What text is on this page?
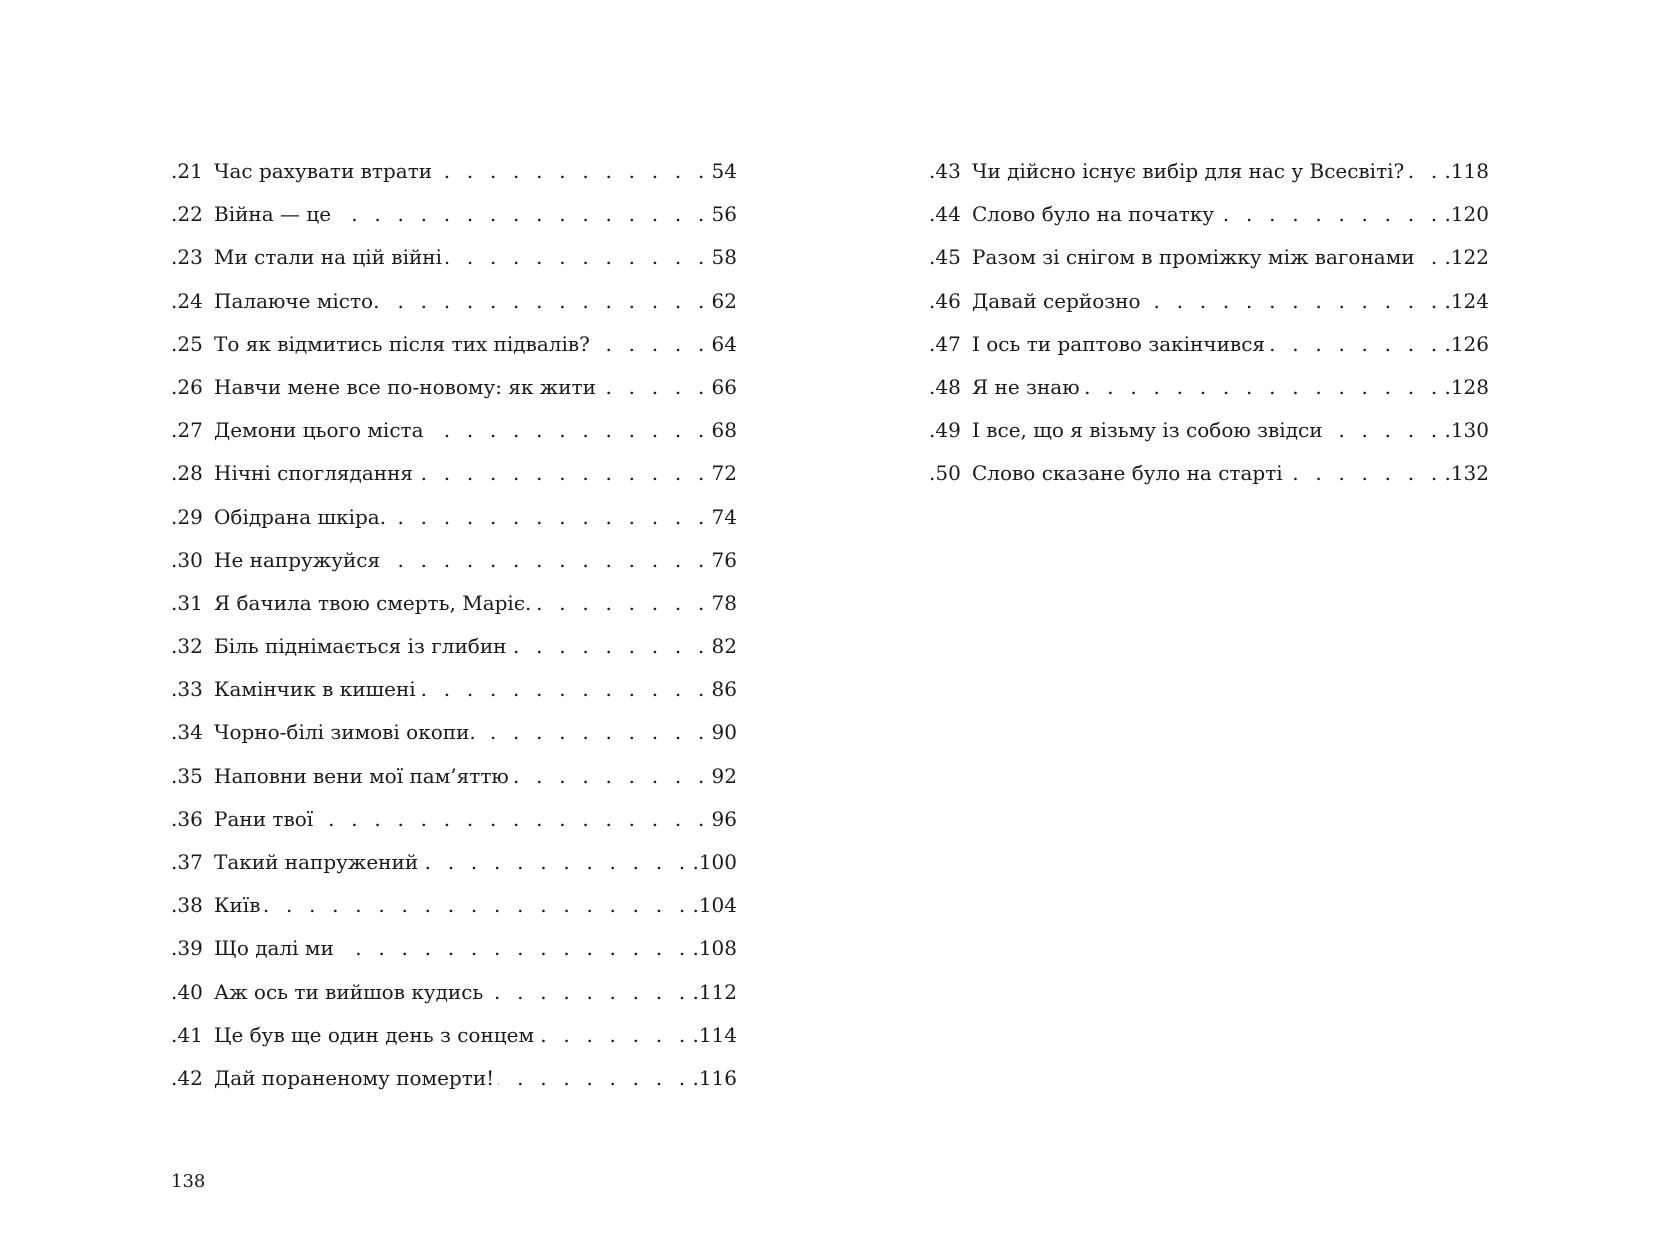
.21 Час рахувати втрати . . .	54
.22 Війна — це . . .	56
.23 Ми стали на цій війні . . .	58
.24 Палаюче місто. . . .	62
.25 То як відмитись після тих підвалів? . . .	64
.26 Навчи мене все по-новому: як жити . . .	66
.27 Демони цього міста . . .	68
.28 Нічні споглядання . . .	72
.29 Обідрана шкіра. . . .	74
.30 Не напружуйся . . .	76
.31 Я бачила твою смерть, Маріє. . . .	78
.32 Біль піднімається із глибин . . .	82
.33 Камінчик в кишені . . .	86
.34 Чорно-білі зимові окопи. . . .	90
.35 Наповни вени мої пам’яттю . . .	92
.36 Рани твої . . .	96
.37 Такий напружений . . .	.100
.38 Київ . . .	.104
.39 Що далі ми . . .	.108
.40 Аж ось ти вийшов кудись . . .	.112
.41 Це був ще один день з сонцем . . .	.114
.42 Дай пораненому померти! . . .	.116
.43 Чи дійсно існує вибір для нас у Всесвіті? . . . .118
.44 Слово було на початку . . .	.120
.45 Разом зі снігом в проміжку між вагонами . . . .122
.46 Давай серйозно . . .	.124
.47 І ось ти раптово закінчився . . .	.126
.48 Я не знаю . . .	.128
.49 І все, що я візьму із собою звідси . . .	.130
.50 Слово сказане було на старті . . .	.132
138
